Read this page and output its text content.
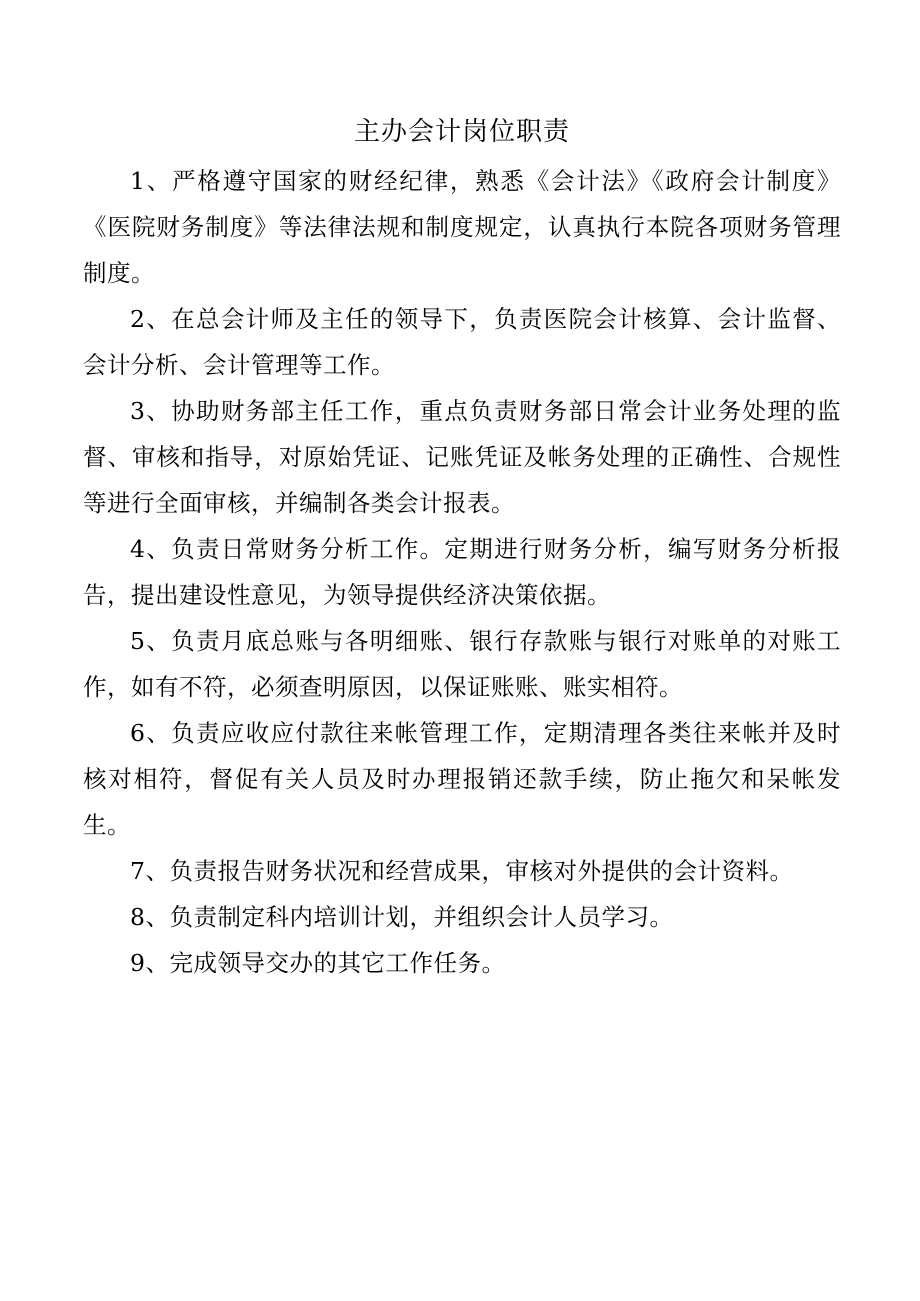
主办会计岗位职责

1、严格遵守国家的财经纪律，熟悉《会计法》《政府会计制度》《医院财务制度》等法律法规和制度规定，认真执行本院各项财务管理制度。

2、在总会计师及主任的领导下，负责医院会计核算、会计监督、会计分析、会计管理等工作。

3、协助财务部主任工作，重点负责财务部日常会计业务处理的监督、审核和指导，对原始凭证、记账凭证及帐务处理的正确性、合规性等进行全面审核，并编制各类会计报表。

4、负责日常财务分析工作。定期进行财务分析，编写财务分析报告，提出建设性意见，为领导提供经济决策依据。

5、负责月底总账与各明细账、银行存款账与银行对账单的对账工作，如有不符，必须查明原因，以保证账账、账实相符。

6、负责应收应付款往来帐管理工作，定期清理各类往来帐并及时核对相符，督促有关人员及时办理报销还款手续，防止拖欠和呆帐发生。

7、负责报告财务状况和经营成果，审核对外提供的会计资料。

8、负责制定科内培训计划，并组织会计人员学习。

9、完成领导交办的其它工作任务。
